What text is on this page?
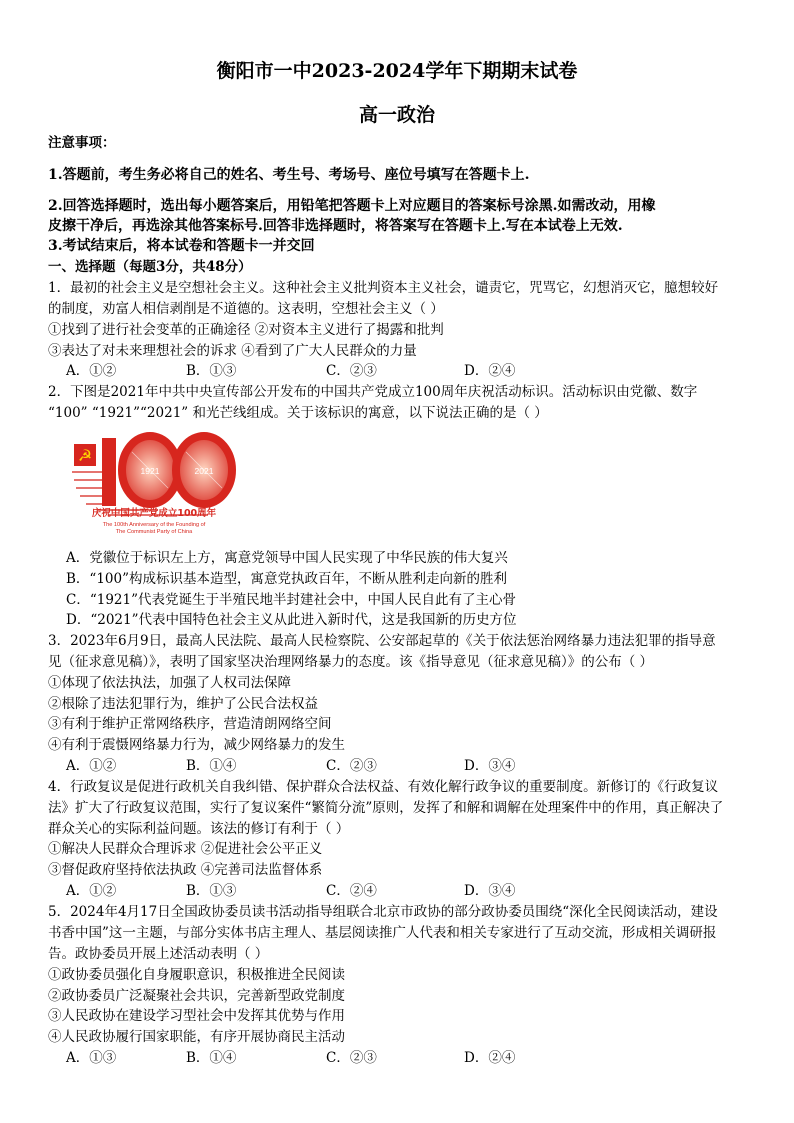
衡阳市一中2023-2024学年下期期末试卷
高一政治
注意事项：
1.答题前，考生务必将自己的姓名、考生号、考场号、座位号填写在答题卡上.
2.回答选择题时，选出每小题答案后，用铅笔把答题卡上对应题目的答案标号涂黑.如需改动，用橡
皮擦干净后，再选涂其他答案标号.回答非选择题时，将答案写在答题卡上.写在本试卷上无效.
3.考试结束后，将本试卷和答题卡一并交回
一、选择题（每题3分，共48分）
1．最初的社会主义是空想社会主义。这种社会主义批判资本主义社会，谴责它，咒骂它，幻想消灭它，臆想较好
的制度，劝富人相信剥削是不道德的。这表明，空想社会主义（ ）
①找到了进行社会变革的正确途径 ②对资本主义进行了揭露和批判
③表达了对未来理想社会的诉求 ④看到了广大人民群众的力量
A．①②	B．①③	C．②③	D．②④
2．下图是2021年中共中央宣传部公开发布的中国共产党成立100周年庆祝活动标识。活动标识由党徽、数字
“100” “1921”“2021” 和光芒线组成。关于该标识的寓意，以下说法正确的是（ ）
☭
1921	2021
庆祝中国共产党成立100周年
The 100th Anniversary of the Founding of
The Communist Party of China
A．党徽位于标识左上方，寓意党领导中国人民实现了中华民族的伟大复兴
B．“100”构成标识基本造型，寓意党执政百年，不断从胜利走向新的胜利
C．“1921”代表党诞生于半殖民地半封建社会中，中国人民自此有了主心骨
D．“2021”代表中国特色社会主义从此进入新时代，这是我国新的历史方位
3．2023年6月9日，最高人民法院、最高人民检察院、公安部起草的《关于依法惩治网络暴力违法犯罪的指导意
见（征求意见稿）》，表明了国家坚决治理网络暴力的态度。该《指导意见（征求意见稿）》的公布（ ）
①体现了依法执法，加强了人权司法保障
②根除了违法犯罪行为，维护了公民合法权益
③有利于维护正常网络秩序，营造清朗网络空间
④有利于震慑网络暴力行为，减少网络暴力的发生
A．①②	B．①④	C．②③	D．③④
4．行政复议是促进行政机关自我纠错、保护群众合法权益、有效化解行政争议的重要制度。新修订的《行政复议
法》扩大了行政复议范围，实行了复议案件“繁简分流”原则，发挥了和解和调解在处理案件中的作用，真正解决了
群众关心的实际利益问题。该法的修订有利于（ ）
①解决人民群众合理诉求 ②促进社会公平正义
③督促政府坚持依法执政 ④完善司法监督体系
A．①②	B．①③	C．②④	D．③④
5．2024年4月17日全国政协委员读书活动指导组联合北京市政协的部分政协委员围绕“深化全民阅读活动，建设
书香中国”这一主题，与部分实体书店主理人、基层阅读推广人代表和相关专家进行了互动交流，形成相关调研报
告。政协委员开展上述活动表明（ ）
①政协委员强化自身履职意识，积极推进全民阅读
②政协委员广泛凝聚社会共识，完善新型政党制度
③人民政协在建设学习型社会中发挥其优势与作用
④人民政协履行国家职能，有序开展协商民主活动
A．①③	B．①④	C．②③	D．②④
